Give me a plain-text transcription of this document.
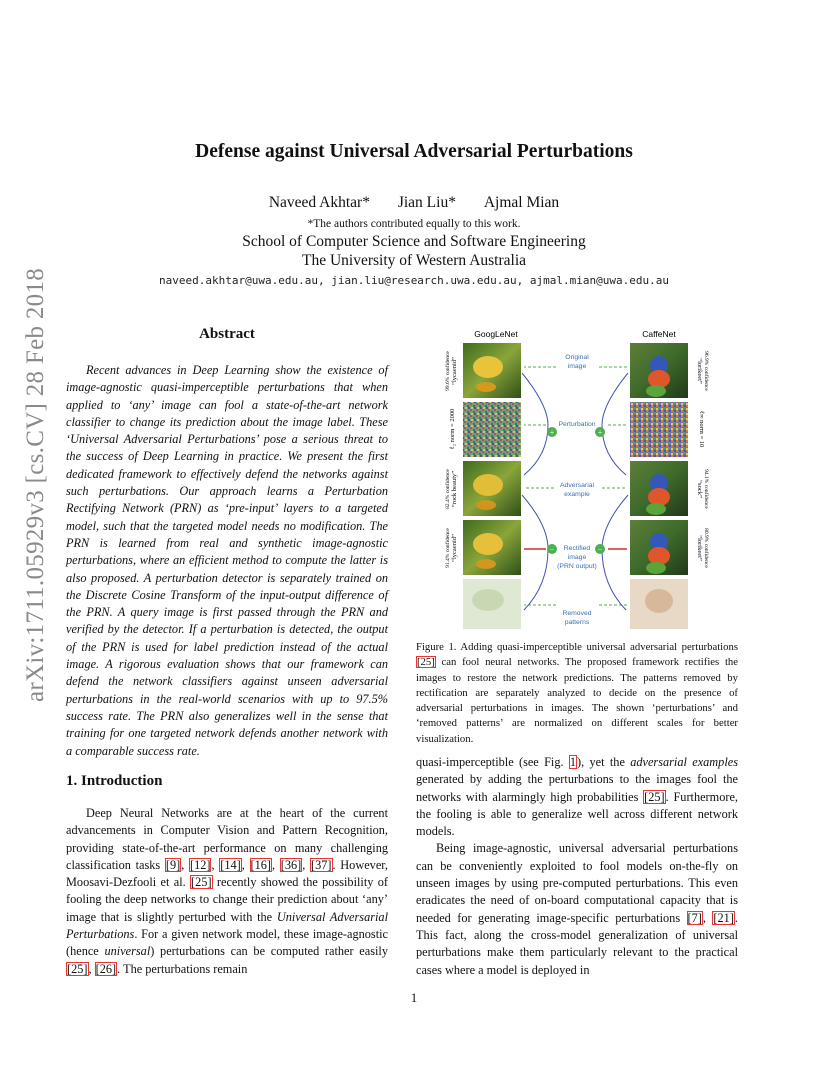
arXiv:1711.05929v3 [cs.CV] 28 Feb 2018
Defense against Universal Adversarial Perturbations
Naveed Akhtar* Jian Liu* Ajmal Mian
*The authors contributed equally to this work.
School of Computer Science and Software Engineering
The University of Western Australia
naveed.akhtar@uwa.edu.au, jian.liu@research.uwa.edu.au, ajmal.mian@uwa.edu.au
Abstract
Recent advances in Deep Learning show the existence of image-agnostic quasi-imperceptible perturbations that when applied to ‘any’ image can fool a state-of-the-art network classifier to change its prediction about the image label. These ‘Universal Adversarial Perturbations’ pose a serious threat to the success of Deep Learning in practice. We present the first dedicated framework to effectively defend the networks against such perturbations. Our approach learns a Perturbation Rectifying Network (PRN) as ‘pre-input’ layers to a targeted model, such that the targeted model needs no modification. The PRN is learned from real and synthetic image-agnostic perturbations, where an efficient method to compute the latter is also proposed. A perturbation detector is separately trained on the Discrete Cosine Transform of the input-output difference of the PRN. A query image is first passed through the PRN and verified by the detector. If a perturbation is detected, the output of the PRN is used for label prediction instead of the actual image. A rigorous evaluation shows that our framework can defend the network classifiers against unseen adversarial perturbations in the real-world scenarios with up to 97.5% success rate. The PRN also generalizes well in the sense that training for one targeted network defends another network with a comparable success rate.
1. Introduction
Deep Neural Networks are at the heart of the current advancements in Computer Vision and Pattern Recognition, providing state-of-the-art performance on many challenging classification tasks [9], [12], [14], [16], [36], [37]. However, Moosavi-Dezfooli et al. [25] recently showed the possibility of fooling the deep networks to change their prediction about ‘any’ image that is slightly perturbed with the Universal Adversarial Perturbations. For a given network model, these image-agnostic (hence universal) perturbations can be computed rather easily [25], [26]. The perturbations remain
GoogLeNet	CaffeNet
“lycaenid”
99.6% confidence
ℓ₂ norm = 2000
“rock beauty”
82.4% confidence
“lycaenid”
91.4% confidence
“lorikeet” 96.9% confidence
ℓ∞ norm = 10
“sock” 94.1% confidence
“lorikeet” 80.9% confidence
+	+
−	−
Original
image
Perturbation
Adversarial
example
Rectified
image
(PRN output)
Removed
patterns
Figure 1. Adding quasi-imperceptible universal adversarial perturbations [25] can fool neural networks. The proposed framework rectifies the images to restore the network predictions. The patterns removed by rectification are separately analyzed to decide on the presence of adversarial perturbations in images. The shown ‘perturbations’ and ‘removed patterns’ are normalized on different scales for better visualization.

quasi-imperceptible (see Fig. 1), yet the adversarial examples generated by adding the perturbations to the images fool the networks with alarmingly high probabilities [25]. Furthermore, the fooling is able to generalize well across different network models.

Being image-agnostic, universal adversarial perturbations can be conveniently exploited to fool models on-the-fly on unseen images by using pre-computed perturbations. This even eradicates the need of on-board computational capacity that is needed for generating image-specific perturbations [7], [21]. This fact, along the cross-model generalization of universal perturbations make them particularly relevant to the practical cases where a model is deployed in

1
